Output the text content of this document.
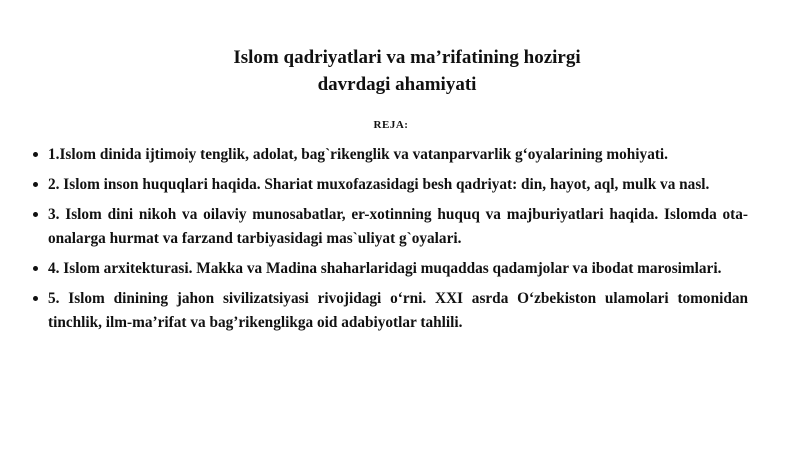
Islom qadriyatlari va maʼrifatining hozirgi
davrdagi ahamiyati
REJA:
1.Islom dinida ijtimoiy tenglik, adolat, bag`rikenglik va vatanparvarlik g‘oyalarining mohiyati.
2. Islom inson huquqlari haqida. Shariat muxofazasidagi besh qadriyat: din, hayot, aql, mulk va nasl.
3. Islom dini nikoh va oilaviy munosabatlar, er-xotinning huquq va majburiyatlari haqida. Islomda ota-onalarga hurmat va farzand tarbiyasidagi mas`uliyat g`oyalari.
4. Islom arxitekturasi. Makka va Madina shaharlaridagi muqaddas qadamjolar va ibodat marosimlari.
5. Islom dinining jahon sivilizatsiyasi rivojidagi o‘rni. XXI asrda O‘zbekiston ulamolari tomonidan tinchlik, ilm-maʼrifat va bag’rikenglikga oid adabiyotlar tahlili.
